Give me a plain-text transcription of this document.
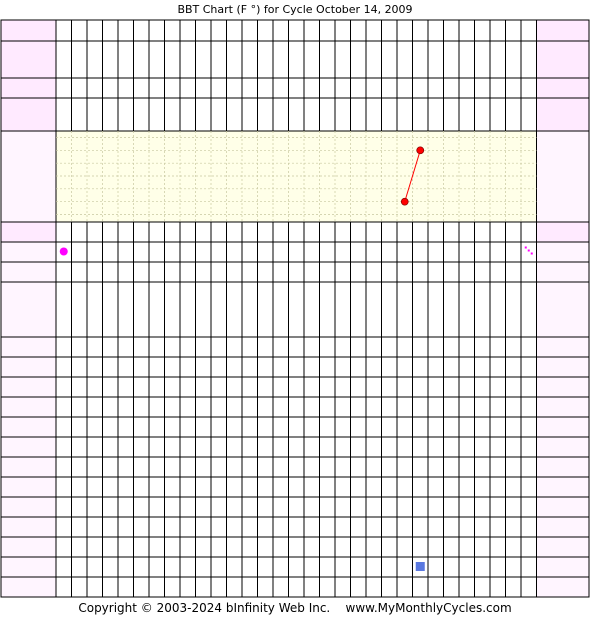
BBT Chart (F °) for Cycle October 14, 2009
Copyright © 2003-2024 bInfinity Web Inc.    www.MyMonthlyCycles.com
